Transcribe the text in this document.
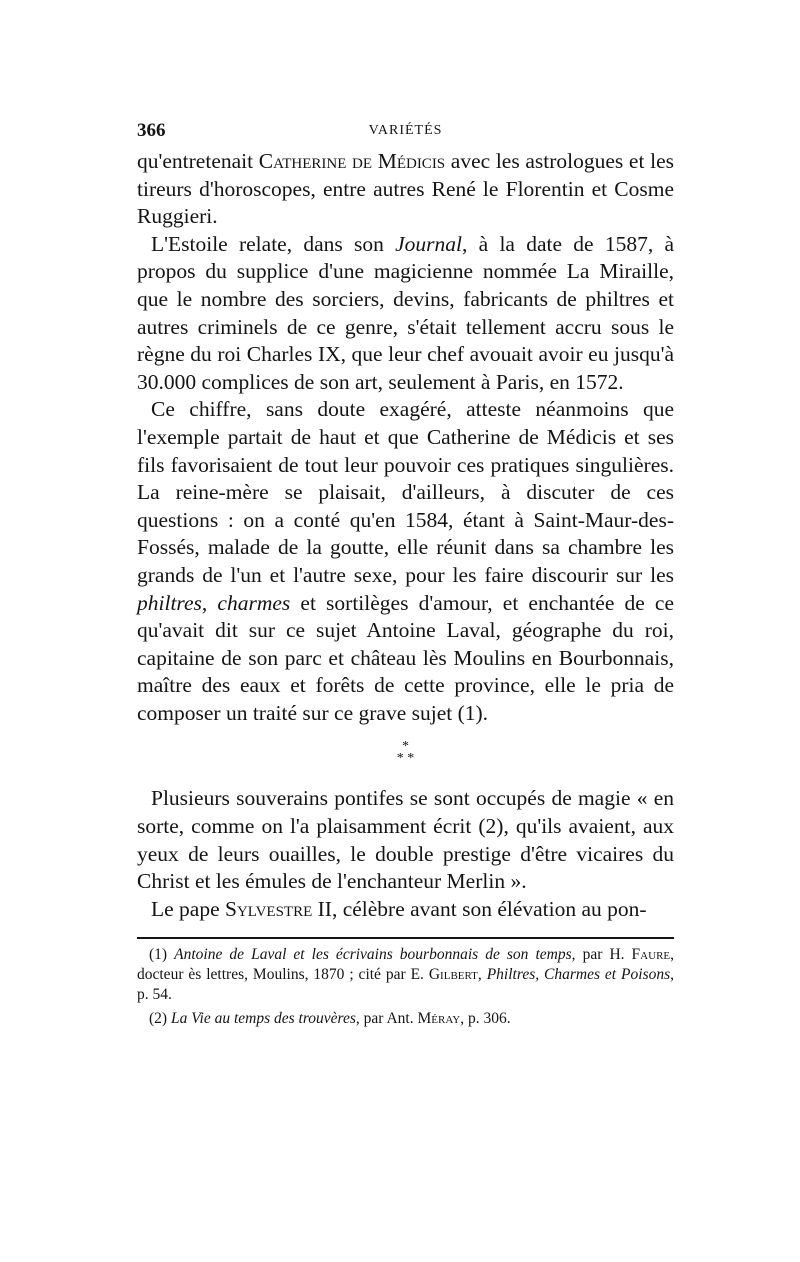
366	VARIÉTÉS

qu'entretenait Catherine de Médicis avec les astrologues et les tireurs d'horoscopes, entre autres René le Florentin et Cosme Ruggieri.

L'Estoile relate, dans son Journal, à la date de 1587, à propos du supplice d'une magicienne nommée La Miraille, que le nombre des sorciers, devins, fabricants de philtres et autres criminels de ce genre, s'était tellement accru sous le règne du roi Charles IX, que leur chef avouait avoir eu jusqu'à 30.000 complices de son art, seulement à Paris, en 1572.

Ce chiffre, sans doute exagéré, atteste néanmoins que l'exemple partait de haut et que Catherine de Médicis et ses fils favorisaient de tout leur pouvoir ces pratiques singulières. La reine-mère se plaisait, d'ailleurs, à discuter de ces questions : on a conté qu'en 1584, étant à Saint-Maur-des-Fossés, malade de la goutte, elle réunit dans sa chambre les grands de l'un et l'autre sexe, pour les faire discourir sur les philtres, charmes et sortilèges d'amour, et enchantée de ce qu'avait dit sur ce sujet Antoine Laval, géographe du roi, capitaine de son parc et château lès Moulins en Bourbonnais, maître des eaux et forêts de cette province, elle le pria de composer un traité sur ce grave sujet (1).

*
* *

Plusieurs souverains pontifes se sont occupés de magie « en sorte, comme on l'a plaisamment écrit (2), qu'ils avaient, aux yeux de leurs ouailles, le double prestige d'être vicaires du Christ et les émules de l'enchanteur Merlin ».

Le pape Sylvestre II, célèbre avant son élévation au pon-

(1) Antoine de Laval et les écrivains bourbonnais de son temps, par H. Faure, docteur ès lettres, Moulins, 1870 ; cité par E. Gilbert, Philtres, Charmes et Poisons, p. 54.

(2) La Vie au temps des trouvères, par Ant. Méray, p. 306.
